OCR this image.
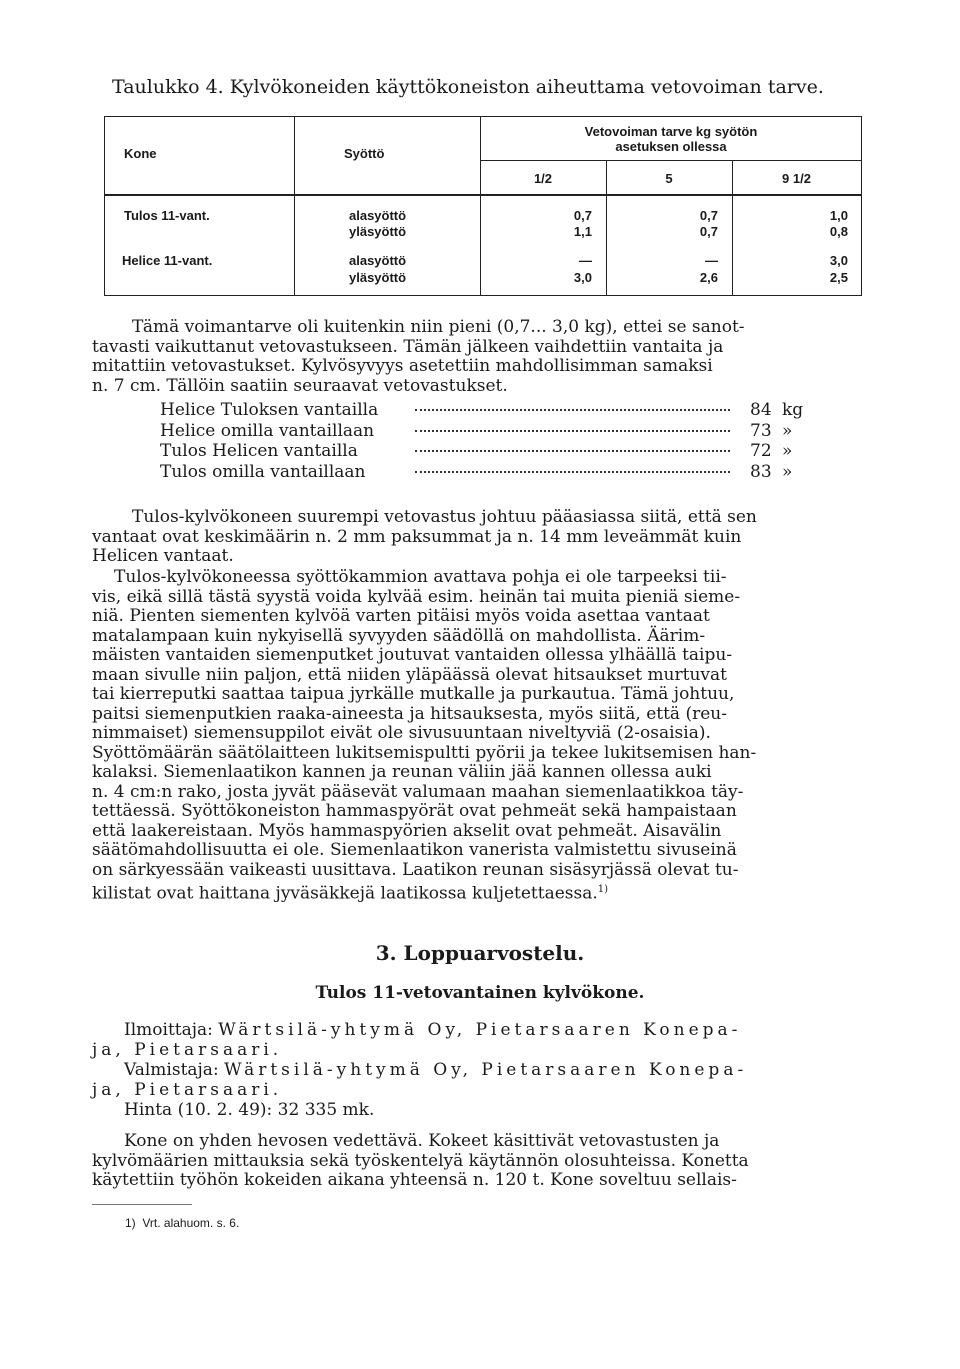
Taulukko 4. Kylvökoneiden käyttökoneiston aiheuttama vetovoiman tarve.
Kone	Syöttö
Vetovoiman tarve kg syötön
asetuksen ollessa
1/2	5	9 1/2
Tulos 11-vant.	alasyöttö	0,7	0,7	1,0
yläsyöttö	1,1	0,7	0,8
Helice 11-vant.	alasyöttö	—	—	3,0
yläsyöttö	3,0	2,6	2,5
Tämä voimantarve oli kuitenkin niin pieni (0,7... 3,0 kg), ettei se sanot-
tavasti vaikuttanut vetovastukseen. Tämän jälkeen vaihdettiin vantaita ja
mitattiin vetovastukset. Kylvösyvyys asetettiin mahdollisimman samaksi
n. 7 cm. Tällöin saatiin seuraavat vetovastukset.
Helice Tuloksen vantailla	84 kg
Helice omilla vantaillaan	73 »
Tulos Helicen vantailla	72 »
Tulos omilla vantaillaan	83 »
Tulos-kylvökoneen suurempi vetovastus johtuu pääasiassa siitä, että sen
vantaat ovat keskimäärin n. 2 mm paksummat ja n. 14 mm leveämmät kuin
Helicen vantaat.
Tulos-kylvökoneessa syöttökammion avattava pohja ei ole tarpeeksi tii-
vis, eikä sillä tästä syystä voida kylvää esim. heinän tai muita pieniä sieme-
niä. Pienten siementen kylvöä varten pitäisi myös voida asettaa vantaat
matalampaan kuin nykyisellä syvyyden säädöllä on mahdollista. Äärim-
mäisten vantaiden siemenputket joutuvat vantaiden ollessa ylhäällä taipu-
maan sivulle niin paljon, että niiden yläpäässä olevat hitsaukset murtuvat
tai kierreputki saattaa taipua jyrkälle mutkalle ja purkautua. Tämä johtuu,
paitsi siemenputkien raaka-aineesta ja hitsauksesta, myös siitä, että (reu-
nimmaiset) siemensuppilot eivät ole sivusuuntaan niveltyviä (2-osaisia).
Syöttömäärän säätölaitteen lukitsemispultti pyörii ja tekee lukitsemisen han-
kalaksi. Siemenlaatikon kannen ja reunan väliin jää kannen ollessa auki
n. 4 cm:n rako, josta jyvät pääsevät valumaan maahan siemenlaatikkoa täy-
tettäessä. Syöttökoneiston hammaspyörät ovat pehmeät sekä hampaistaan
että laakereistaan. Myös hammaspyörien akselit ovat pehmeät. Aisavälin
säätömahdollisuutta ei ole. Siemenlaatikon vanerista valmistettu sivuseinä
on särkyessään vaikeasti uusittava. Laatikon reunan sisäsyrjässä olevat tu-
kilistat ovat haittana jyväsäkkejä laatikossa kuljetettaessa.$^{1)}$
3. Loppuarvostelu.
Tulos 11-vetovantainen kylvökone.
Ilmoittaja: Wärtsilä-yhtymä Oy, Pietarsaaren Konepa-
ja, Pietarsaari.
Valmistaja: Wärtsilä-yhtymä Oy, Pietarsaaren Konepa-
ja, Pietarsaari.
Hinta (10. 2. 49): 32 335 mk.
Kone on yhden hevosen vedettävä. Kokeet käsittivät vetovastusten ja
kylvömäärien mittauksia sekä työskentelyä käytännön olosuhteissa. Konetta
käytettiin työhön kokeiden aikana yhteensä n. 120 t. Kone soveltuu sellais-
1) Vrt. alahuom. s. 6.
